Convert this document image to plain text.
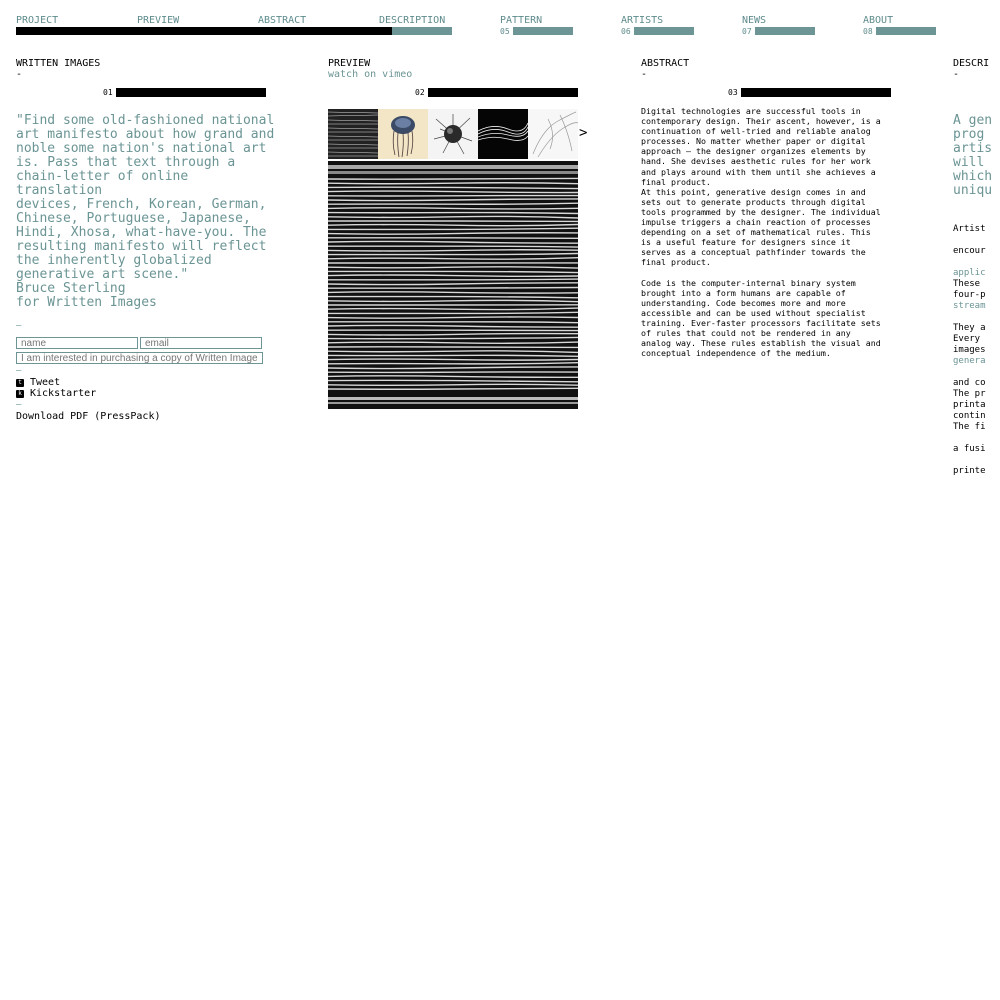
PROJECT	PREVIEW	ABSTRACT	DESCRIPTION	PATTERN
05
ARTISTS
06
NEWS
07
ABOUT
08
WRITTEN IMAGES
-
01
"Find some old-fashioned national
art manifesto about how grand and
noble some nation's national art
is. Pass that text through a
chain-letter of online translation
devices, French, Korean, German,
Chinese, Portuguese, Japanese,
Hindi, Xhosa, what-have-you. The
resulting manifesto will reflect
the inherently globalized
generative art scene."
Bruce Sterling
for Written Images
—
name
email
I am interested in purchasing a copy of Written Images
—
t Tweet
k Kickstarter
—
Download PDF (PressPack)
PREVIEW
watch on vimeo
02
>
ABSTRACT
-
03

Digital technologies are successful tools in
contemporary design. Their ascent, however, is a
continuation of well-tried and reliable analog
processes. No matter whether paper or digital
approach – the designer organizes elements by
hand. She devises aesthetic rules for her work
and plays around with them until she achieves a
final product.
At this point, generative design comes in and
sets out to generate products through digital
tools programmed by the designer. The individual
impulse triggers a chain reaction of processes
depending on a set of mathematical rules. This
is a useful feature for designers since it
serves as a conceptual pathfinder towards the
final product.

Code is the computer-internal binary system
brought into a form humans are capable of
understanding. Code becomes more and more
accessible and can be used without specialist
training. Ever-faster processors facilitate sets
of rules that could not be rendered in any
analog way. These rules establish the visual and
conceptual independence of the medium.

DESCRI
-
A gen
prog
artis
will
which
uniqu

Artist

encour

applic

four-p

These

stream

They a

images

Every

genera

and co

printa

The pr

contin

The fi

a fusi

printe
